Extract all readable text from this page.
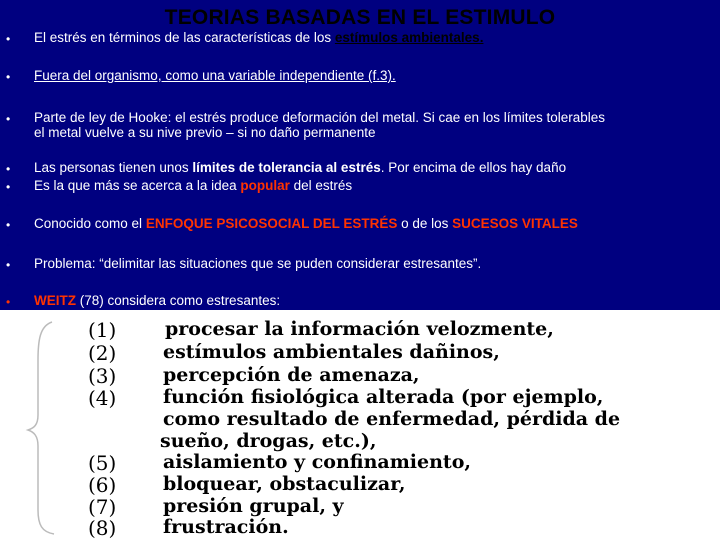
TEORIAS BASADAS EN EL ESTIMULO
• El estrés en términos de las características de los estímulos ambientales.
• Fuera del organismo, como una variable independiente (f.3).
• Parte de ley de Hooke: el estrés produce deformación del metal. Si cae en los límites tolerables
el metal vuelve a su nive previo – si no daño permanente
• Las personas tienen unos límites de tolerancia al estrés. Por encima de ellos hay daño
• Es la que más se acerca a la idea popular del estrés
• Conocido como el ENFOQUE PSICOSOCIAL DEL ESTRÉS o de los SUCESOS VITALES
• Problema: “delimitar las situaciones que se puden considerar estresantes”.
• WEITZ (78) considera como estresantes:
(1)	procesar la información velozmente,
(2) estímulos ambientales dañinos,
(3) percepción de amenaza,
(4) función fisiológica alterada (por ejemplo,
como resultado de enfermedad, pérdida de
sueño, drogas, etc.),
(5) aislamiento y confinamiento,
(6) bloquear, obstaculizar,
(7) presión grupal, y
(8) frustración.
